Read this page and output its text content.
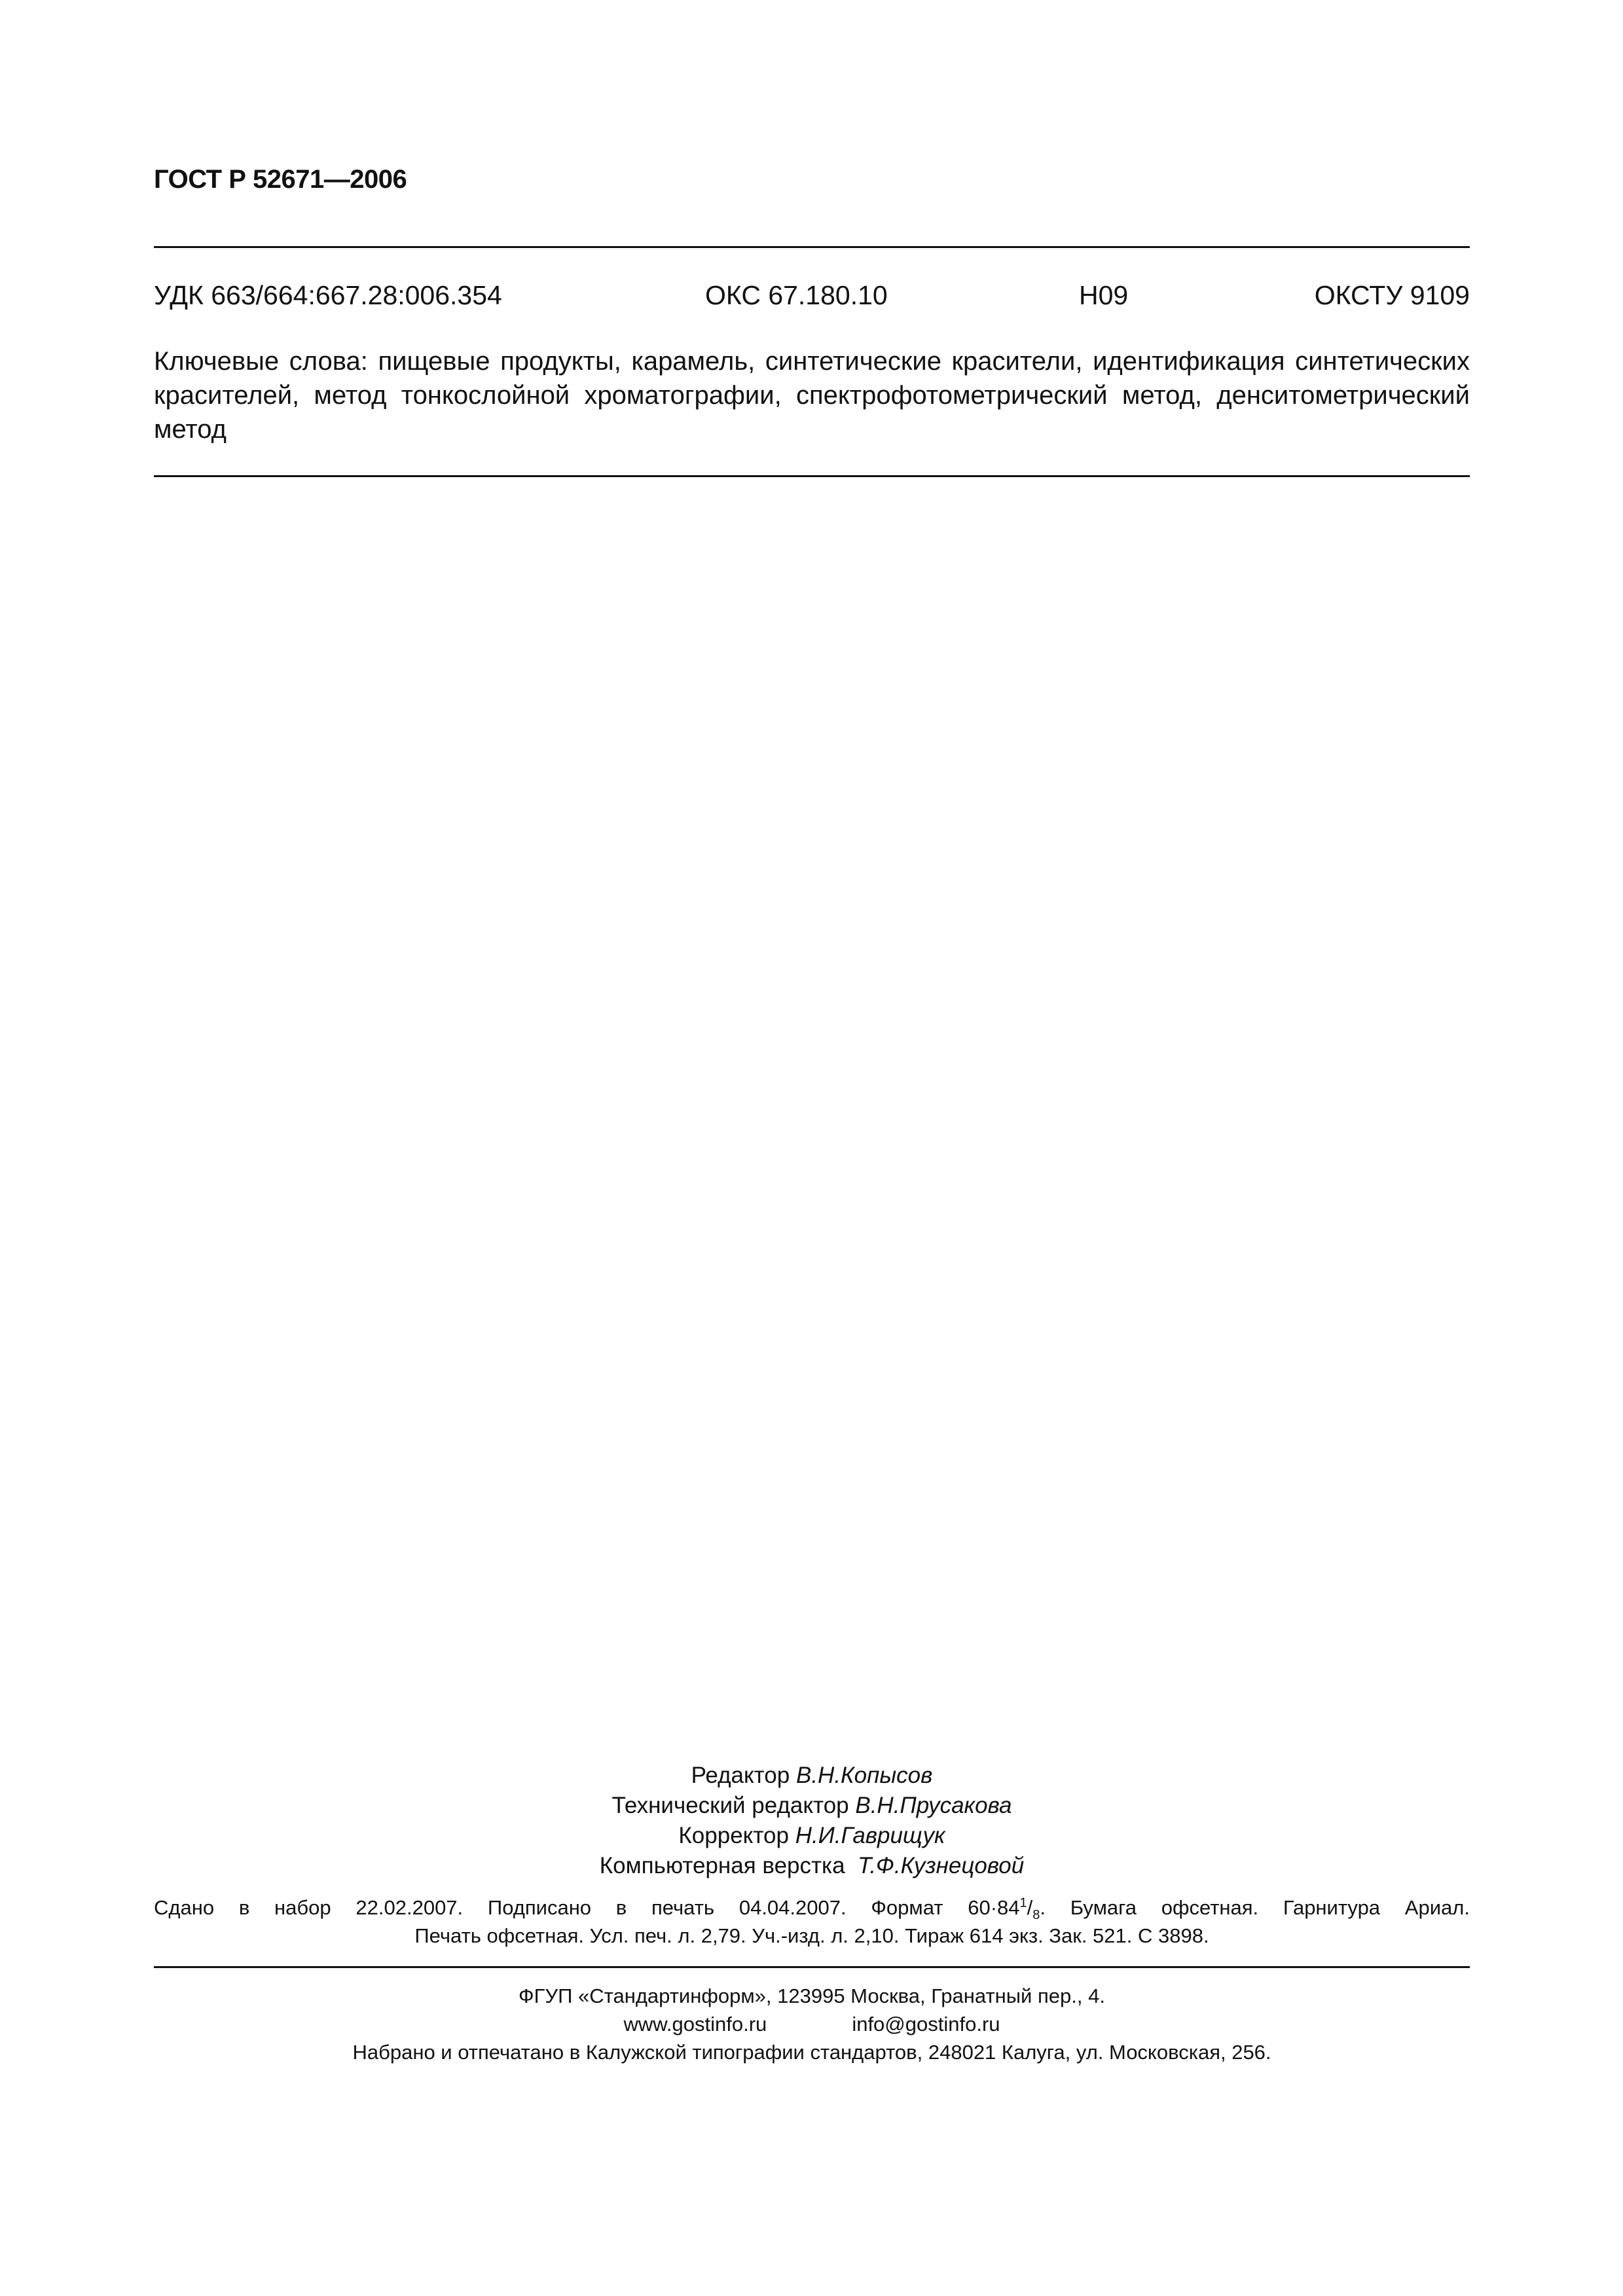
ГОСТ Р 52671—2006
УДК 663/664:667.28:006.354	ОКС 67.180.10	Н09	ОКСТУ 9109
Ключевые слова: пищевые продукты, карамель, синтетические красители, идентификация синтетических красителей, метод тонкослойной хроматографии, спектрофотометрический метод, денситометрический метод
Редактор В.Н.Копысов
Технический редактор В.Н.Прусакова
Корректор Н.И.Гаврищук
Компьютерная верстка Т.Ф.Кузнецовой
Сдано в набор 22.02.2007. Подписано в печать 04.04.2007. Формат $60\cdot 84^1/_8$. Бумага офсетная. Гарнитура Ариал.
Печать офсетная. Усл. печ. л. 2,79. Уч.-изд. л. 2,10. Тираж 614 экз. Зак. 521. С 3898.
ФГУП «Стандартинформ», 123995 Москва, Гранатный пер., 4.
www.gostinfo.ru	info@gostinfo.ru
Набрано и отпечатано в Калужской типографии стандартов, 248021 Калуга, ул. Московская, 256.
